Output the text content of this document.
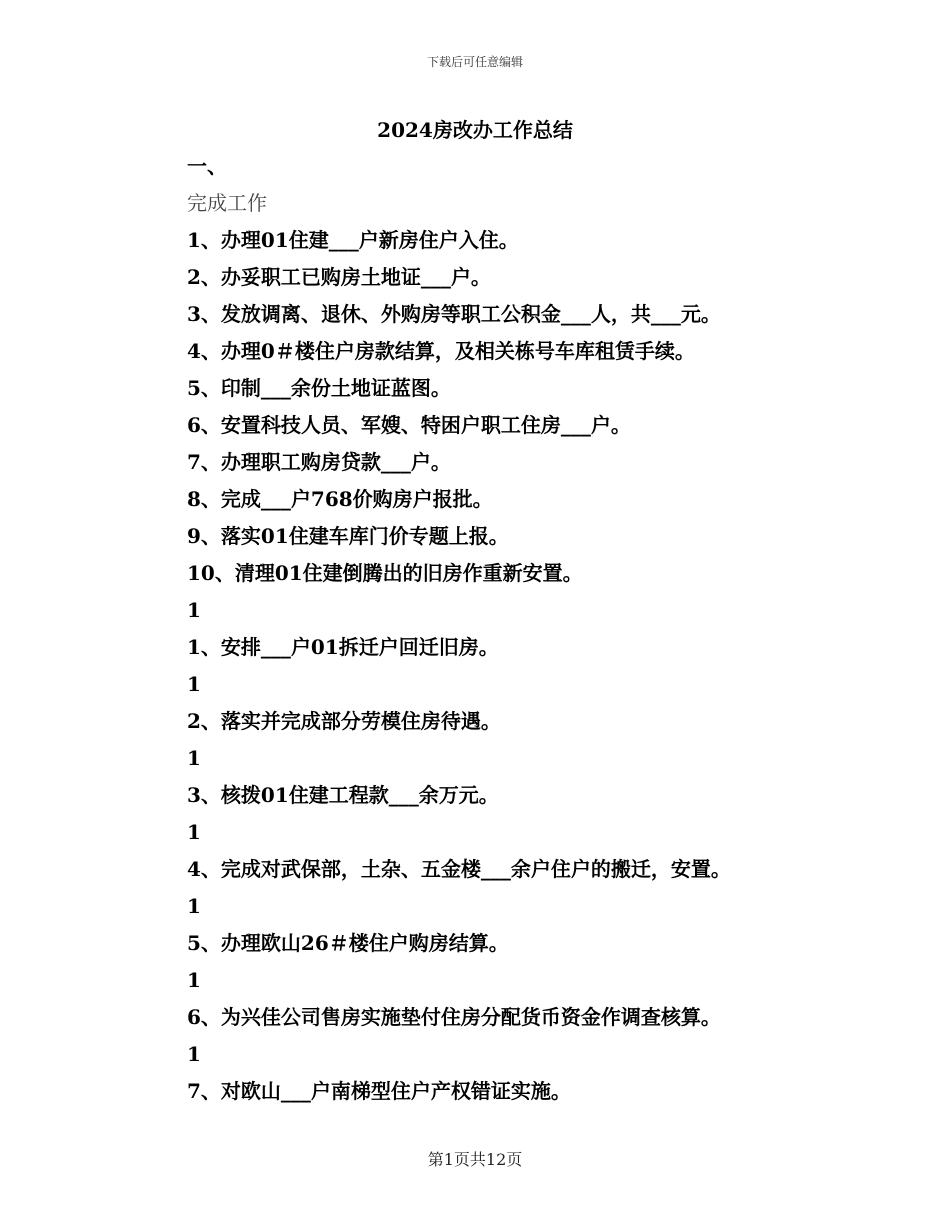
下载后可任意编辑
2024房改办工作总结
一、
完成工作
1、办理01住建___户新房住户入住。
2、办妥职工已购房土地证___户。
3、发放调离、退休、外购房等职工公积金___人，共___元。
4、办理0＃楼住户房款结算，及相关栋号车库租赁手续。
5、印制___余份土地证蓝图。
6、安置科技人员、军嫂、特困户职工住房___户。
7、办理职工购房贷款___户。
8、完成___户768价购房户报批。
9、落实01住建车库门价专题上报。
10、清理01住建倒腾出的旧房作重新安置。
1
1、安排___户01拆迁户回迁旧房。
1
2、落实并完成部分劳模住房待遇。
1
3、核拨01住建工程款___余万元。
1
4、完成对武保部，土杂、五金楼___余户住户的搬迁，安置。
1
5、办理欧山26＃楼住户购房结算。
1
6、为兴佳公司售房实施垫付住房分配货币资金作调查核算。
1
7、对欧山___户南梯型住户产权错证实施。
第1页共12页
